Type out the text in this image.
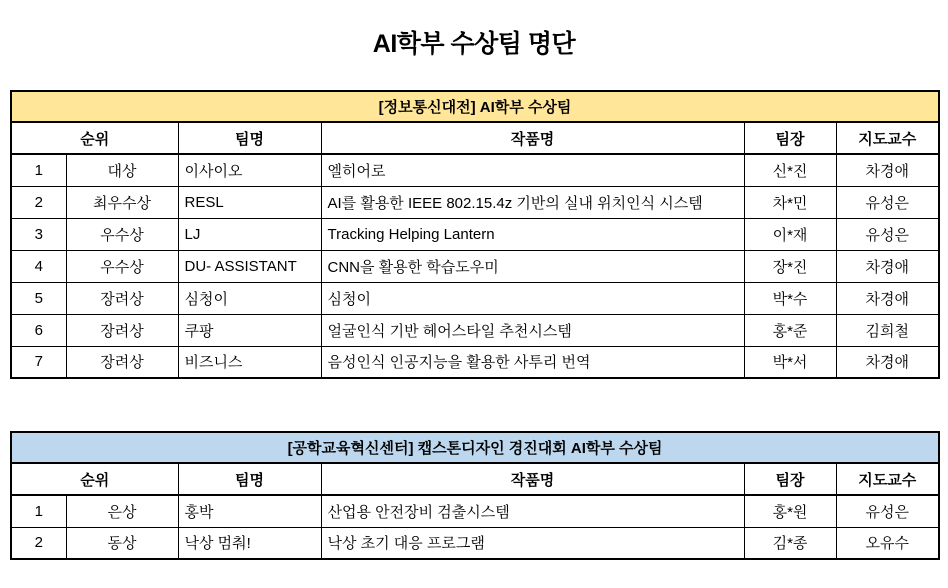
AI학부 수상팀 명단
[정보통신대전] AI학부 수상팀					
순위		팀명	작품명	팀장	지도교수
1	대상	이사이오	엘히어로	신*진	차경애
2	최우수상	RESL	AI를 활용한 IEEE 802.15.4z 기반의 실내 위치인식 시스템	차*민	유성은
3	우수상	LJ	Tracking Helping Lantern	이*재	유성은
4	우수상	DU- ASSISTANT	CNN을 활용한 학습도우미	장*진	차경애
5	장려상	심청이	심청이	박*수	차경애
6	장려상	쿠팡	얼굴인식 기반 헤어스타일 추천시스템	홍*준	김희철
7	장려상	비즈니스	음성인식 인공지능을 활용한 사투리 번역	박*서	차경애
[공학교육혁신센터] 캡스톤디자인 경진대회 AI학부 수상팀					
순위		팀명	작품명	팀장	지도교수
1	은상	홍박	산업용 안전장비 검출시스템	홍*원	유성은
2	동상	낙상 멈춰!	낙상 초기 대응 프로그램	김*종	오유수
